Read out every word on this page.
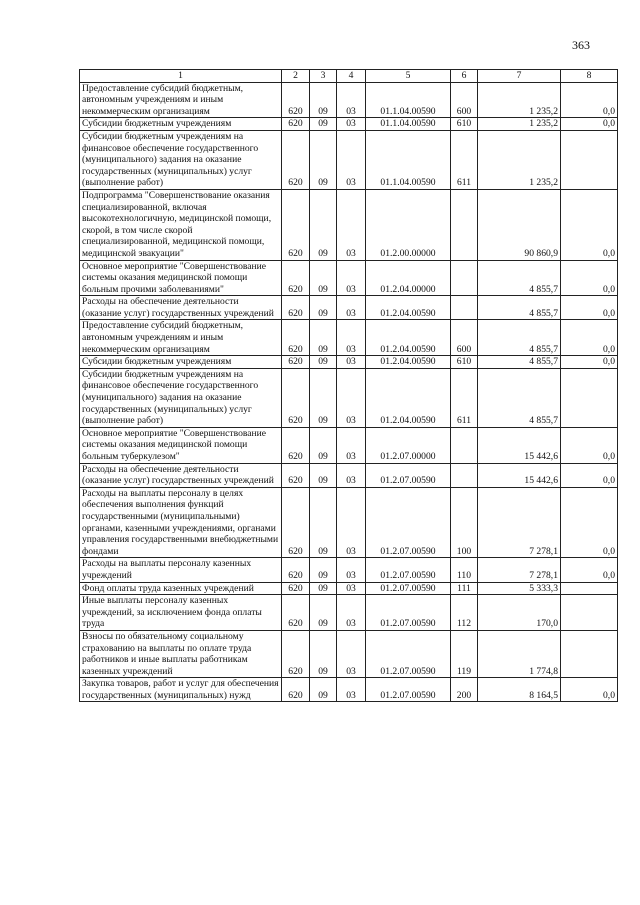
363
1	2	3	4	5	6	7	8
Предоставление субсидий бюджетным, автономным учреждениям и иным некоммерческим организациям	620	09	03	01.1.04.00590	600	1 235,2	0,0
Субсидии бюджетным учреждениям	620	09	03	01.1.04.00590	610	1 235,2	0,0
Субсидии бюджетным учреждениям на финансовое обеспечение государственного (муниципального) задания на оказание государственных (муниципальных) услуг (выполнение работ)	620	09	03	01.1.04.00590	611	1 235,2	
Подпрограмма "Совершенствование оказания специализированной, включая высокотехнологичную, медицинской помощи, скорой, в том числе скорой специализированной, медицинской помощи, медицинской эвакуации"	620	09	03	01.2.00.00000		90 860,9	0,0
Основное мероприятие "Совершенствование системы оказания медицинской помощи больным прочими заболеваниями"	620	09	03	01.2.04.00000		4 855,7	0,0
Расходы на обеспечение деятельности (оказание услуг) государственных учреждений	620	09	03	01.2.04.00590		4 855,7	0,0
Предоставление субсидий бюджетным, автономным учреждениям и иным некоммерческим организациям	620	09	03	01.2.04.00590	600	4 855,7	0,0
Субсидии бюджетным учреждениям	620	09	03	01.2.04.00590	610	4 855,7	0,0
Субсидии бюджетным учреждениям на финансовое обеспечение государственного (муниципального) задания на оказание государственных (муниципальных) услуг (выполнение работ)	620	09	03	01.2.04.00590	611	4 855,7	
Основное мероприятие "Совершенствование системы оказания медицинской помощи больным туберкулезом"	620	09	03	01.2.07.00000		15 442,6	0,0
Расходы на обеспечение деятельности (оказание услуг) государственных учреждений	620	09	03	01.2.07.00590		15 442,6	0,0
Расходы на выплаты персоналу в целях обеспечения выполнения функций государственными (муниципальными) органами, казенными учреждениями, органами управления государственными внебюджетными фондами	620	09	03	01.2.07.00590	100	7 278,1	0,0
Расходы на выплаты персоналу казенных учреждений	620	09	03	01.2.07.00590	110	7 278,1	0,0
Фонд оплаты труда казенных учреждений	620	09	03	01.2.07.00590	111	5 333,3	
Иные выплаты персоналу казенных учреждений, за исключением фонда оплаты труда	620	09	03	01.2.07.00590	112	170,0	
Взносы по обязательному социальному страхованию на выплаты по оплате труда работников и иные выплаты работникам казенных учреждений	620	09	03	01.2.07.00590	119	1 774,8	
Закупка товаров, работ и услуг для обеспечения государственных (муниципальных) нужд	620	09	03	01.2.07.00590	200	8 164,5	0,0
